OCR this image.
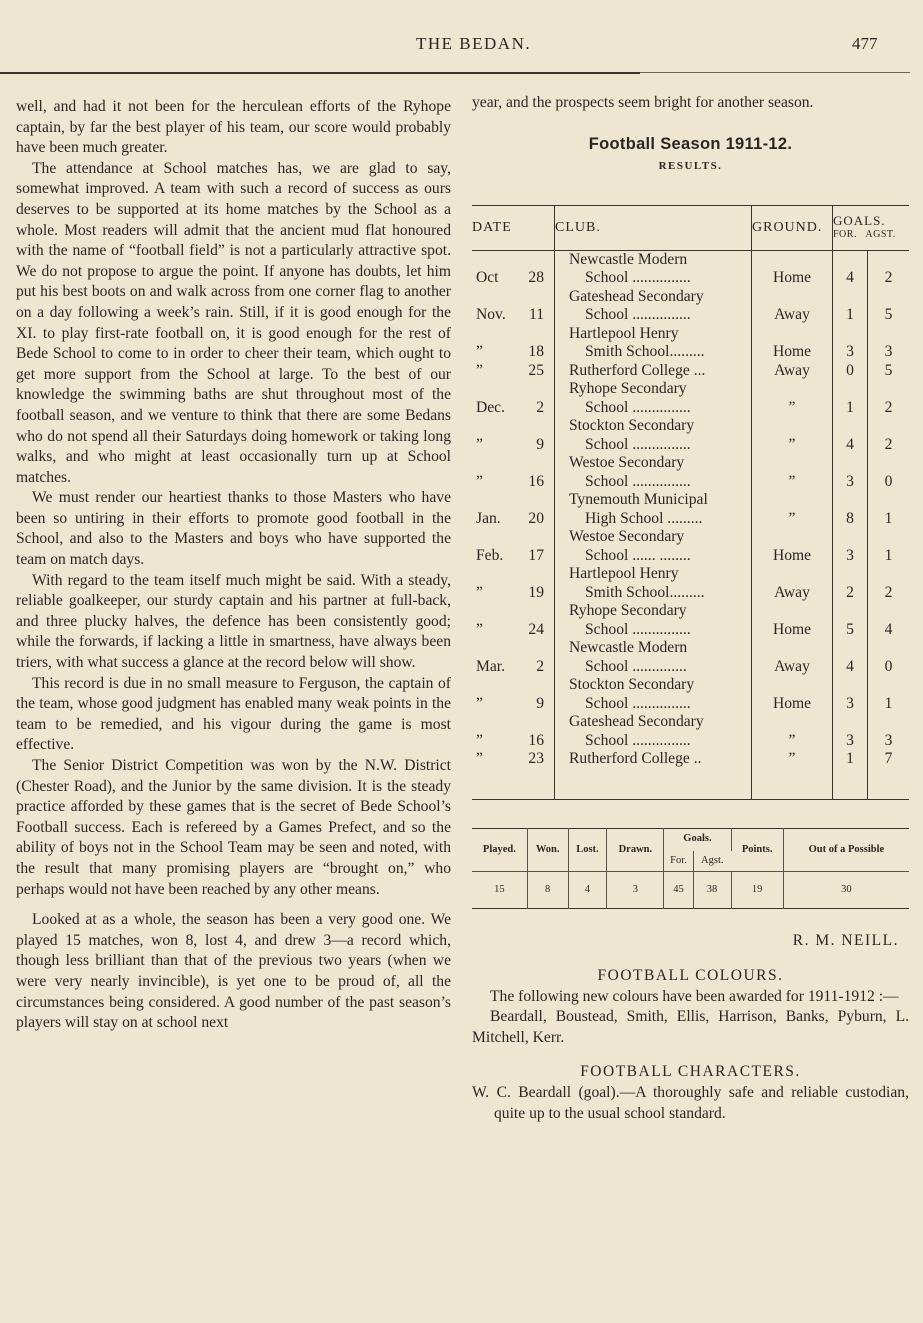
THE BEDAN.	477

well, and had it not been for the herculean efforts of the Ryhope captain, by far the best player of his team, our score would probably have been much greater.

The attendance at School matches has, we are glad to say, somewhat improved. A team with such a record of success as ours deserves to be supported at its home matches by the School as a whole. Most readers will admit that the ancient mud flat honoured with the name of “football field” is not a particularly attractive spot. We do not propose to argue the point. If anyone has doubts, let him put his best boots on and walk across from one corner flag to another on a day following a week’s rain. Still, if it is good enough for the XI. to play first-rate football on, it is good enough for the rest of Bede School to come to in order to cheer their team, which ought to get more support from the School at large. To the best of our knowledge the swimming baths are shut throughout most of the football season, and we venture to think that there are some Bedans who do not spend all their Saturdays doing homework or taking long walks, and who might at least occasionally turn up at School matches.

We must render our heartiest thanks to those Masters who have been so untiring in their efforts to promote good football in the School, and also to the Masters and boys who have supported the team on match days.

With regard to the team itself much might be said. With a steady, reliable goalkeeper, our sturdy captain and his partner at full-back, and three plucky halves, the defence has been consistently good; while the forwards, if lacking a little in smartness, have always been triers, with what success a glance at the record below will show.

This record is due in no small measure to Ferguson, the captain of the team, whose good judgment has enabled many weak points in the team to be remedied, and his vigour during the game is most effective.

The Senior District Competition was won by the N.W. District (Chester Road), and the Junior by the same division. It is the steady practice afforded by these games that is the secret of Bede School’s Football success. Each is refereed by a Games Prefect, and so the ability of boys not in the School Team may be seen and noted, with the result that many promising players are “brought on,” who perhaps would not have been reached by any other means.

Looked at as a whole, the season has been a very good one. We played 15 matches, won 8, lost 4, and drew 3—a record which, though less brilliant than that of the previous two years (when we were very nearly invincible), is yet one to be proud of, all the circumstances being considered. A good number of the past season’s players will stay on at school next

year, and the prospects seem bright for another season.

Football Season 1911-12.
RESULTS.
DATE	CLUB.	GROUND.	GOALS.
FOR. AGST.	

Oct 28	Newcastle Modern
School ...............	Home	4	2
Nov. 11	Gateshead Secondary
School ...............	Away	1	5
” 18	Hartlepool Henry
Smith School.........	Home	3	3
” 25	Rutherford College ...	Away	0	5
Dec. 2	Ryhope Secondary
School ...............	”	1	2
” 9	Stockton Secondary
School ...............	”	4	2
” 16	Westoe Secondary
School ...............	”	3	0
Jan. 20	Tynemouth Municipal
High School .........	”	8	1
Feb. 17	Westoe Secondary
School ...... ........	Home	3	1
” 19	Hartlepool Henry
Smith School.........	Away	2	2
” 24	Ryhope Secondary
School ...............	Home	5	4
Mar. 2	Newcastle Modern
School ..............	Away	4	0
” 9	Stockton Secondary
School ...............	Home	3	1
” 16	Gateshead Secondary
School ...............	”	3	3
” 23	Rutherford College ..	”	1	7
Played.	Won.	Lost.	Drawn.	Goals.		Points.	Out of a Possible
				For.	Agst.		
15	8	4	3	45	38	19	30
R. M. NEILL.
FOOTBALL COLOURS.

The following new colours have been awarded for 1911-1912 :—

Beardall, Boustead, Smith, Ellis, Harrison, Banks, Pyburn, L. Mitchell, Kerr.

FOOTBALL CHARACTERS.

W. C. Beardall (goal).—A thoroughly safe and reliable custodian, quite up to the usual school standard.
